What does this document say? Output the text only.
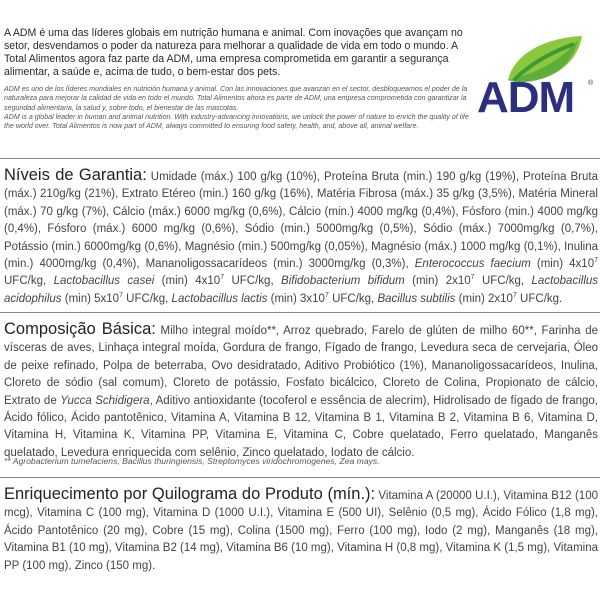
A ADM é uma das líderes globais em nutrição humana e animal. Com inovações que avançam no setor, desvendamos o poder da natureza para melhorar a qualidade de vida em todo o mundo. A Total Alimentos agora faz parte da ADM, uma empresa comprometida em garantir a segurança alimentar, a saúde e, acima de tudo, o bem-estar dos pets.

ADM es uno de los líderes mundiales en nutrición humana y animal. Con las innovaciones que avanzan en el sector, desbloqueamos el poder de la naturaleza para mejorar la calidad de vida en todo el mundo. Total Alimentos ahora es parte de ADM, una empresa comprometida con garantizar la seguridad alimentaria, la salud y, sobre todo, el bienestar de las mascotas.

ADM is a global leader in human and animal nutrition. With industry-advancing innovations, we unlock the power of nature to enrich the quality of life the world over. Total Alimentos is now part of ADM, always committed to ensuring food safety, health, and, above all, animal welfare.

ADM ®
Níveis de Garantia: Umidade (máx.) 100 g/kg (10%), Proteína Bruta (min.) 190 g/kg (19%), Proteína Bruta (máx.) 210g/kg (21%), Extrato Etéreo (min.) 160 g/kg (16%), Matéria Fibrosa (máx.) 35 g/kg (3,5%), Matéria Mineral (máx.) 70 g/kg (7%), Cálcio (máx.) 6000 mg/kg (0,6%), Cálcio (min.) 4000 mg/kg (0,4%), Fósforo (min.) 4000 mg/kg (0,4%), Fósforo (máx.) 6000 mg/kg (0,6%), Sódio (min.) 5000mg/kg (0,5%), Sódio (máx.) 7000mg/kg (0,7%), Potássio (min.) 6000mg/kg (0,6%), Magnésio (min.) 500mg/kg (0,05%), Magnésio (máx.) 1000 mg/kg (0,1%), Inulina (min.) 4000mg/kg (0,4%), Mananoligossacarídeos (min.) 3000mg/kg (0,3%), Enterococcus faecium (min) $4x10^7$ UFC/kg, Lactobacillus casei (min) $4x10^7$ UFC/kg, Bifidobacterium bifidum (min) $2x10^7$ UFC/kg, Lactobacillus acidophilus (min) $5x10^7$ UFC/kg, Lactobacillus lactis (min) $3x10^7$ UFC/kg, Bacillus subtilis (min) $2x10^7$ UFC/kg.
Composição Básica: Milho integral moído**, Arroz quebrado, Farelo de glúten de milho 60**, Farinha de vísceras de aves, Linhaça integral moída, Gordura de frango, Fígado de frango, Levedura seca de cervejaria, Óleo de peixe refinado, Polpa de beterraba, Ovo desidratado, Aditivo Probiótico (1%), Mananoligossacarídeos, Inulina, Cloreto de sódio (sal comum), Cloreto de potássio, Fosfato bicálcico, Cloreto de Colina, Propionato de cálcio, Extrato de Yucca Schidigera, Aditivo antioxidante (tocoferol e essência de alecrim), Hidrolisado de fígado de frango, Ácido fólico, Ácido pantotênico, Vitamina A, Vitamina B 12, Vitamina B 1, Vitamina B 2, Vitamina B 6, Vitamina D, Vitamina H, Vitamina K, Vitamina PP, Vitamina E, Vitamina C, Cobre quelatado, Ferro quelatado, Manganês quelatado, Levedura enriquecida com selênio, Zinco quelatado, Iodato de cálcio.
** Agrobacterium tumefaciens, Bacillus thuringiensis, Streptomyces viridochromogenes, Zea mays.
Enriquecimento por Quilograma do Produto (mín.): Vitamina A (20000 U.I.), Vitamina B12 (100 mcg), Vitamina C (100 mg), Vitamina D (1000 U.I.), Vitamina E (500 UI), Selênio (0,5 mg), Ácido Fólico (1,8 mg), Ácido Pantotênico (20 mg), Cobre (15 mg), Colina (1500 mg), Ferro (100 mg), Iodo (2 mg), Manganês (18 mg), Vitamina B1 (10 mg), Vitamina B2 (14 mg), Vitamina B6 (10 mg), Vitamina H (0,8 mg), Vitamina K (1,5 mg), Vitamina PP (100 mg), Zinco (150 mg).
